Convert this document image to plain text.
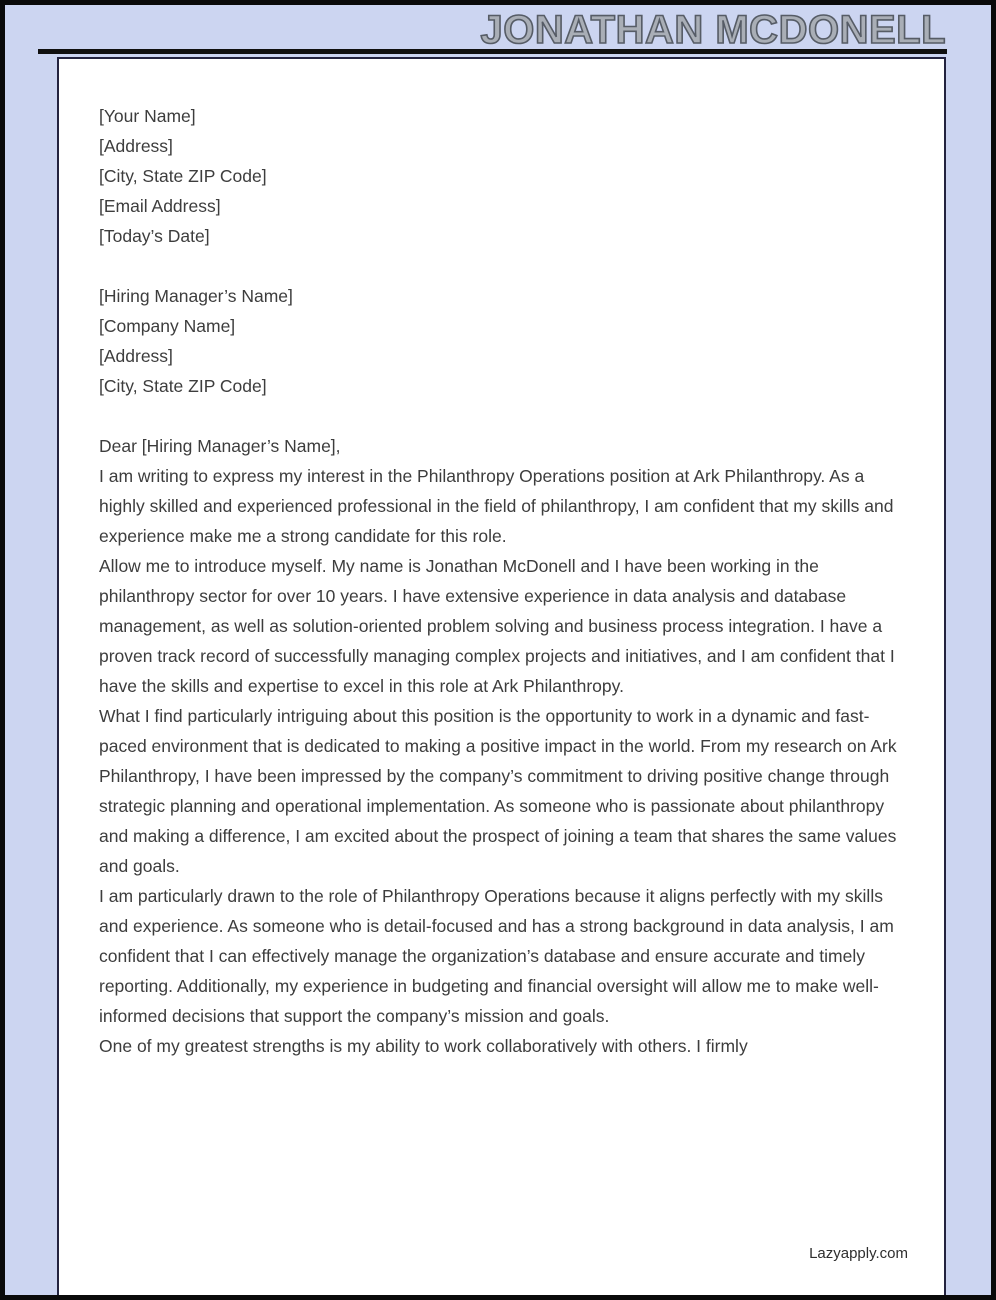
JONATHAN MCDONELL
[Your Name]
[Address]
[City, State ZIP Code]
[Email Address]
[Today’s Date]
[Hiring Manager’s Name]
[Company Name]
[Address]
[City, State ZIP Code]

Dear [Hiring Manager’s Name],

I am writing to express my interest in the Philanthropy Operations position at Ark Philanthropy. As a highly skilled and experienced professional in the field of philanthropy, I am confident that my skills and experience make me a strong candidate for this role.

Allow me to introduce myself. My name is Jonathan McDonell and I have been working in the philanthropy sector for over 10 years. I have extensive experience in data analysis and database management, as well as solution-oriented problem solving and business process integration. I have a proven track record of successfully managing complex projects and initiatives, and I am confident that I have the skills and expertise to excel in this role at Ark Philanthropy.

What I find particularly intriguing about this position is the opportunity to work in a dynamic and fast-paced environment that is dedicated to making a positive impact in the world. From my research on Ark Philanthropy, I have been impressed by the company’s commitment to driving positive change through strategic planning and operational implementation. As someone who is passionate about philanthropy and making a difference, I am excited about the prospect of joining a team that shares the same values and goals.

I am particularly drawn to the role of Philanthropy Operations because it aligns perfectly with my skills and experience. As someone who is detail-focused and has a strong background in data analysis, I am confident that I can effectively manage the organization’s database and ensure accurate and timely reporting. Additionally, my experience in budgeting and financial oversight will allow me to make well-informed decisions that support the company’s mission and goals.

One of my greatest strengths is my ability to work collaboratively with others. I firmly

Lazyapply.com
